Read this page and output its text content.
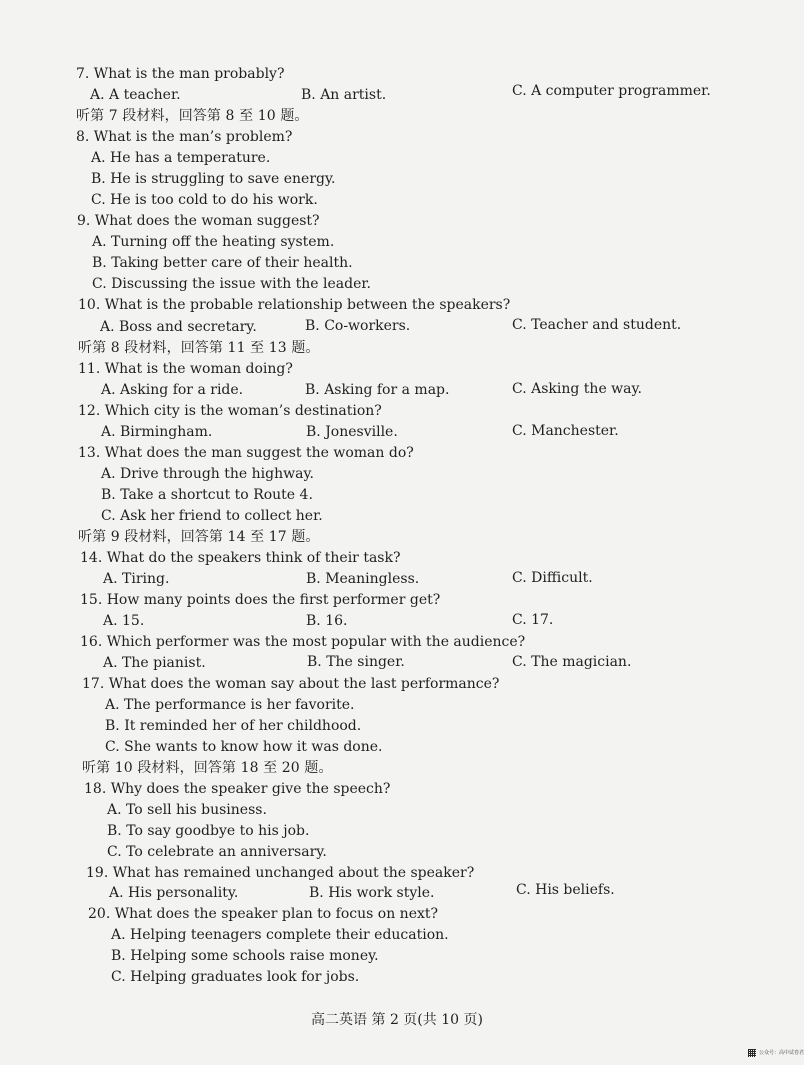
7. What is the man probably?
A. A teacher.	B. An artist.	C. A computer programmer.
听第 7 段材料，回答第 8 至 10 题。
8. What is the man’s problem?
A. He has a temperature.
B. He is struggling to save energy.
C. He is too cold to do his work.
9. What does the woman suggest?
A. Turning off the heating system.
B. Taking better care of their health.
C. Discussing the issue with the leader.
10. What is the probable relationship between the speakers?
A. Boss and secretary.	B. Co-workers.	C. Teacher and student.
听第 8 段材料，回答第 11 至 13 题。
11. What is the woman doing?
A. Asking for a ride.	B. Asking for a map.	C. Asking the way.
12. Which city is the woman’s destination?
A. Birmingham.	B. Jonesville.	C. Manchester.
13. What does the man suggest the woman do?
A. Drive through the highway.
B. Take a shortcut to Route 4.
C. Ask her friend to collect her.
听第 9 段材料，回答第 14 至 17 题。
14. What do the speakers think of their task?
A. Tiring.	B. Meaningless.	C. Difficult.
15. How many points does the first performer get?
A. 15.	B. 16.	C. 17.
16. Which performer was the most popular with the audience?
A. The pianist.	B. The singer.	C. The magician.
17. What does the woman say about the last performance?
A. The performance is her favorite.
B. It reminded her of her childhood.
C. She wants to know how it was done.
听第 10 段材料，回答第 18 至 20 题。
18. Why does the speaker give the speech?
A. To sell his business.
B. To say goodbye to his job.
C. To celebrate an anniversary.
19. What has remained unchanged about the speaker?
A. His personality.	B. His work style.	C. His beliefs.
20. What does the speaker plan to focus on next?
A. Helping teenagers complete their education.
B. Helping some schools raise money.
C. Helping graduates look for jobs.
高二英语 第 2 页(共 10 页)
公众号：高中试卷君
